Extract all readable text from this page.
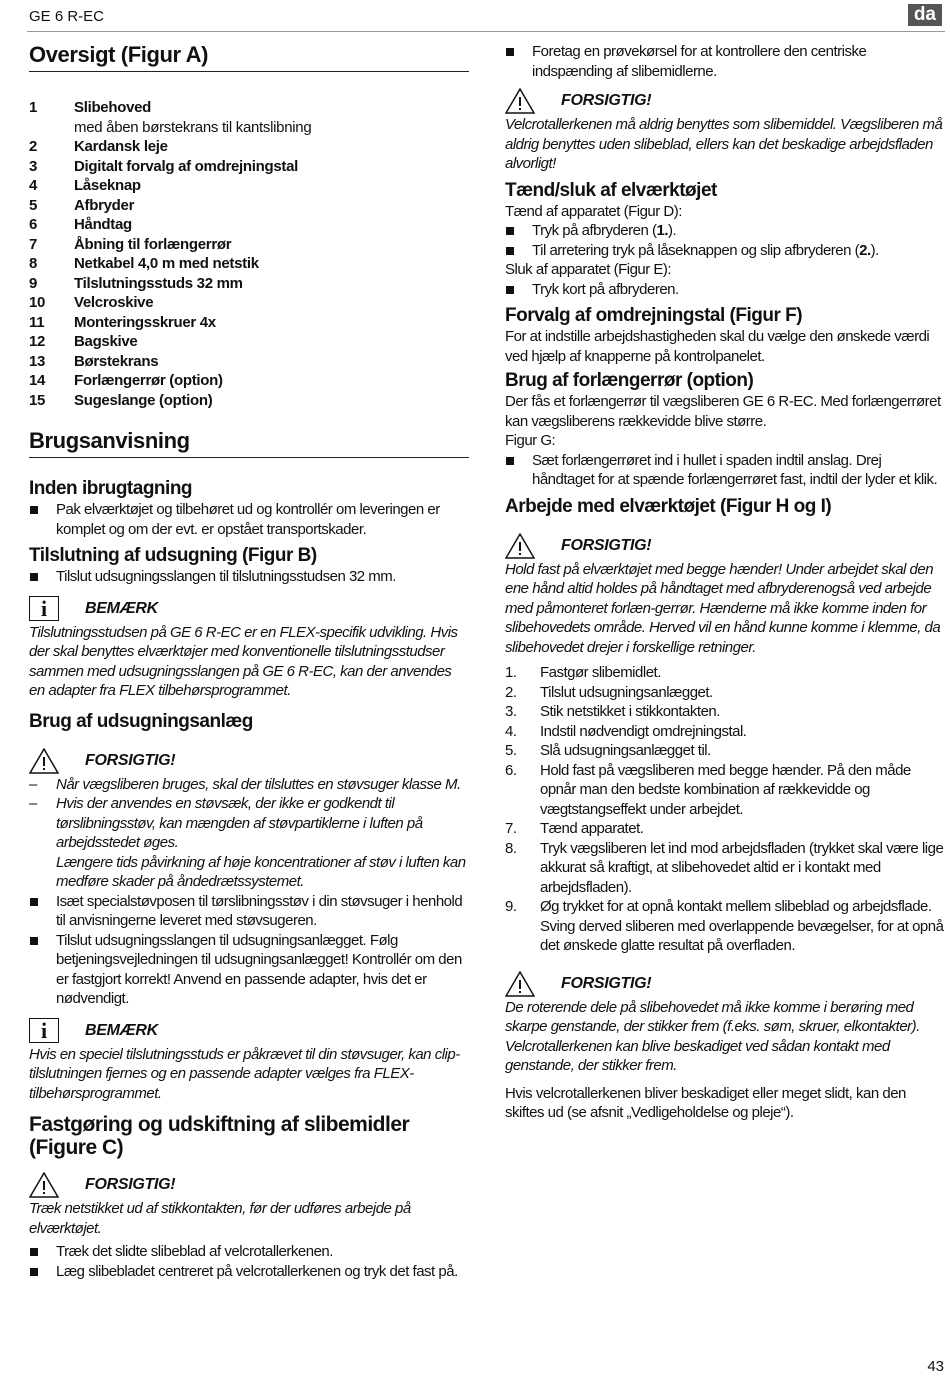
GE 6 R-EC	da
Oversigt (Figur A)
1 Slibehoved
med åben børstekrans til kantslibning
2 Kardansk leje
3 Digitalt forvalg af omdrejningstal
4 Låseknap
5 Afbryder
6 Håndtag
7 Åbning til forlængerrør
8 Netkabel 4,0 m med netstik
9 Tilslutningsstuds 32 mm
10 Velcroskive
11 Monteringsskruer 4x
12 Bagskive
13 Børstekrans
14 Forlængerrør (option)
15 Sugeslange (option)
Brugsanvisning
Inden ibrugtagning
Pak elværktøjet og tilbehøret ud og kontrollér om leveringen er komplet og om der evt. er opstået transportskader.
Tilslutning af udsugning (Figur B)
Tilslut udsugningsslangen til tilslutningsstudsen 32 mm.
i	BEMÆRK

Tilslutningsstudsen på GE 6 R-EC er en FLEX-specifik udvikling. Hvis der skal benyttes elværktøjer med konventionelle tilslutningsstudser sammen med udsugningsslangen på GE 6 R-EC, kan der anvendes en adapter fra FLEX tilbehørsprogrammet.

Brug af udsugningsanlæg
FORSIGTIG!
– Når vægsliberen bruges, skal der tilsluttes en støvsuger klasse M.
– Hvis der anvendes en støvsæk, der ikke er godkendt til tørslibningsstøv, kan mængden af støvpartiklerne i luften på arbejdsstedet øges.
Længere tids påvirkning af høje koncentrationer af støv i luften kan medføre skader på åndedrætssystemet.
Isæt specialstøvposen til tørslibningsstøv i din støvsuger i henhold til anvisningerne leveret med støvsugeren.
Tilslut udsugningsslangen til udsugningsanlægget. Følg betjeningsvejledningen til udsugningsanlægget! Kontrollér om den er fastgjort korrekt! Anvend en passende adapter, hvis det er nødvendigt.
i	BEMÆRK

Hvis en speciel tilslutningsstuds er påkrævet til din støvsuger, kan clip-tilslutningen fjernes og en passende adapter vælges fra FLEX-tilbehørsprogrammet.

Fastgøring og udskiftning af slibemidler
(Figure C)
FORSIGTIG!

Træk netstikket ud af stikkontakten, før der udføres arbejde på elværktøjet.

Træk det slidte slibeblad af velcrotallerkenen.
Læg slibebladet centreret på velcrotallerkenen og tryk det fast på.
Foretag en prøvekørsel for at kontrollere den centriske indspænding af slibemidlerne.
FORSIGTIG!

Velcrotallerkenen må aldrig benyttes som slibemiddel. Vægsliberen må aldrig benyttes uden slibeblad, ellers kan det beskadige arbejdsfladen alvorligt!

Tænd/sluk af elværktøjet

Tænd af apparatet (Figur D):

Tryk på afbryderen (1.).
Til arretering tryk på låseknappen og slip afbryderen (2.).

Sluk af apparatet (Figur E):

Tryk kort på afbryderen.
Forvalg af omdrejningstal (Figur F)

For at indstille arbejdshastigheden skal du vælge den ønskede værdi ved hjælp af knapperne på kontrolpanelet.

Brug af forlængerrør (option)

Der fås et forlængerrør til vægsliberen GE 6 R-EC. Med forlængerrøret kan vægsliberens rækkevidde blive større.

Figur G:

Sæt forlængerrøret ind i hullet i spaden indtil anslag. Drej håndtaget for at spænde forlængerrøret fast, indtil der lyder et klik.
Arbejde med elværktøjet (Figur H og I)
FORSIGTIG!

Hold fast på elværktøjet med begge hænder! Under arbejdet skal den ene hånd altid holdes på håndtaget med afbryderenogså ved arbejde med påmonteret forlæn-gerrør. Hænderne må ikke komme inden for slibehovedets område. Herved vil en hånd kunne komme i klemme, da slibehovedet drejer i forskellige retninger.

1. Fastgør slibemidlet.
2. Tilslut udsugningsanlægget.
3. Stik netstikket i stikkontakten.
4. Indstil nødvendigt omdrejningstal.
5. Slå udsugningsanlægget til.
6. Hold fast på vægsliberen med begge hænder. På den måde opnår man den bedste kombination af rækkevidde og vægtstangseffekt under arbejdet.
7. Tænd apparatet.
8. Tryk vægsliberen let ind mod arbejdsfladen (trykket skal være lige akkurat så kraftigt, at slibehovedet altid er i kontakt med arbejdsfladen).
9. Øg trykket for at opnå kontakt mellem slibeblad og arbejdsflade. Sving derved sliberen med overlappende bevægelser, for at opnå det ønskede glatte resultat på overfladen.
FORSIGTIG!

De roterende dele på slibehovedet må ikke komme i berøring med skarpe genstande, der stikker frem (f.eks. søm, skruer, elkontakter). Velcrotallerkenen kan blive beskadiget ved sådan kontakt med genstande, der stikker frem.

Hvis velcrotallerkenen bliver beskadiget eller meget slidt, kan den skiftes ud (se afsnit „Vedligeholdelse og pleje“).

43
